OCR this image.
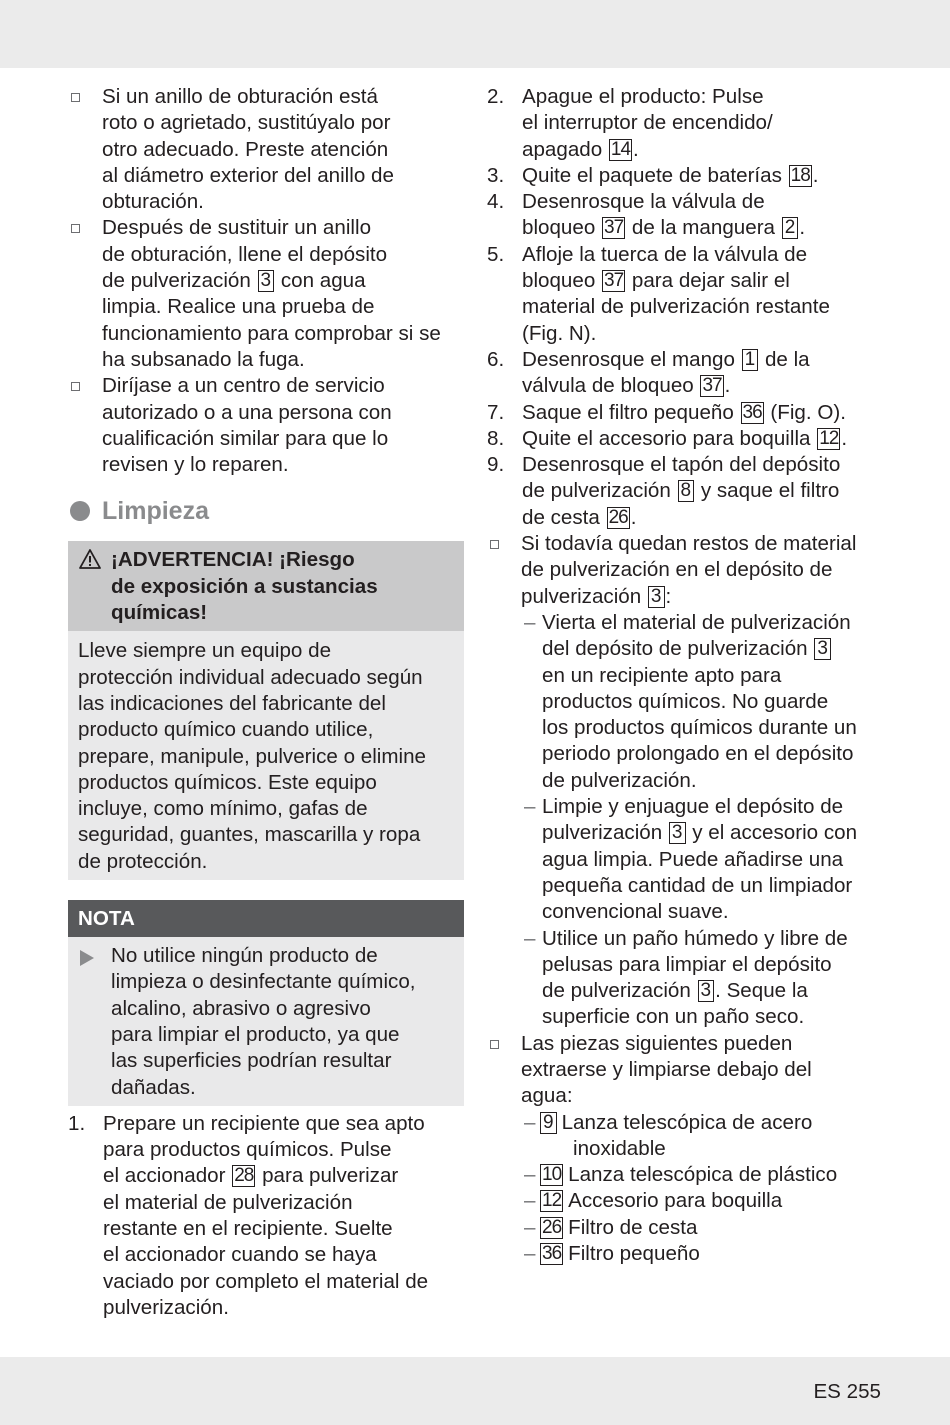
Si un anillo de obturación está
roto o agrietado, sustitúyalo por
otro adecuado. Preste atención
al diámetro exterior del anillo de
obturación.
Después de sustituir un anillo
de obturación, llene el depósito
de pulverización 3 con agua
limpia. Realice una prueba de
funcionamiento para comprobar si se
ha subsanado la fuga.
Diríjase a un centro de servicio
autorizado o a una persona con
cualificación similar para que lo
revisen y lo reparen.
Limpieza
¡ADVERTENCIA! ¡Riesgo
de exposición a sustancias
químicas!
Lleve siempre un equipo de
protección individual adecuado según
las indicaciones del fabricante del
producto químico cuando utilice,
prepare, manipule, pulverice o elimine
productos químicos. Este equipo
incluye, como mínimo, gafas de
seguridad, guantes, mascarilla y ropa
de protección.
NOTA
No utilice ningún producto de
limpieza o desinfectante químico,
alcalino, abrasivo o agresivo
para limpiar el producto, ya que
las superficies podrían resultar
dañadas.
1. Prepare un recipiente que sea apto
para productos químicos. Pulse
el accionador 28 para pulverizar
el material de pulverización
restante en el recipiente. Suelte
el accionador cuando se haya
vaciado por completo el material de
pulverización.
2. Apague el producto: Pulse
el interruptor de encendido/
apagado 14 .
3. Quite el paquete de baterías 18 .
4. Desenrosque la válvula de
bloqueo 37 de la manguera 2 .
5. Afloje la tuerca de la válvula de
bloqueo 37 para dejar salir el
material de pulverización restante
(Fig. N).
6. Desenrosque el mango 1 de la
válvula de bloqueo 37 .
7. Saque el filtro pequeño 36 (Fig. O).
8. Quite el accesorio para boquilla 12 .
9. Desenrosque el tapón del depósito
de pulverización 8 y saque el filtro
de cesta 26 .
Si todavía quedan restos de material
de pulverización en el depósito de
pulverización 3 :
– Vierta el material de pulverización
del depósito de pulverización 3
en un recipiente apto para
productos químicos. No guarde
los productos químicos durante un
periodo prolongado en el depósito
de pulverización.
– Limpie y enjuague el depósito de
pulverización 3 y el accesorio con
agua limpia. Puede añadirse una
pequeña cantidad de un limpiador
convencional suave.
– Utilice un paño húmedo y libre de
pelusas para limpiar el depósito
de pulverización 3 . Seque la
superficie con un paño seco.
Las piezas siguientes pueden
extraerse y limpiarse debajo del
agua:
– 9 Lanza telescópica de acero
inoxidable
– 10 Lanza telescópica de plástico
– 12 Accesorio para boquilla
– 26 Filtro de cesta
– 36 Filtro pequeño
ES 255
